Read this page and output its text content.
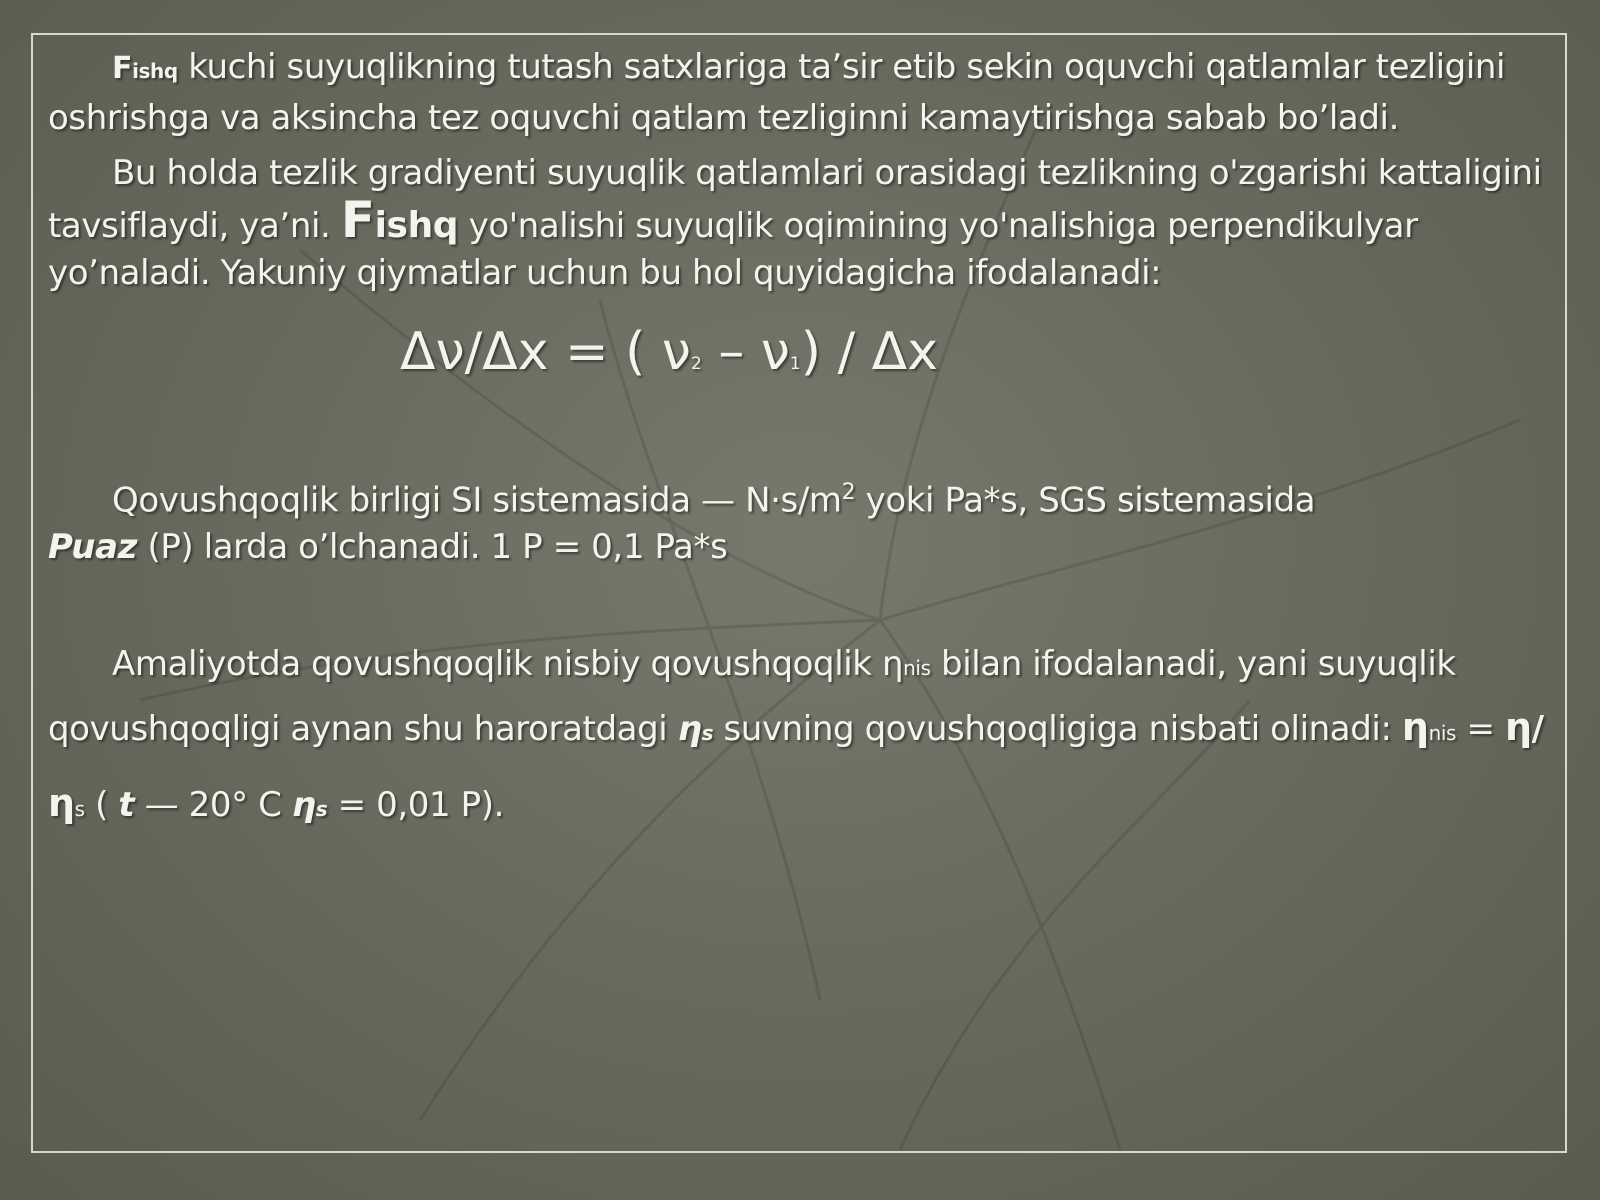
Fishq kuchi suyuqlikning tutash satxlariga ta’sir etib sekin oquvchi qatlamlar tezligini oshrishga va aksincha tez oquvchi qatlam tezliginni kamaytirishga sabab bo’ladi.

Bu holda tezlik gradiyenti suyuqlik qatlamlari orasidagi tezlikning o'zgarishi kattaligini tavsiflaydi, ya’ni. Fishq yo'nalishi suyuqlik oqimining yo'nalishiga perpendikulyar yo’naladi. Yakuniy qiymatlar uchun bu hol quyidagicha ifodalanadi:

Δν/Δx = ( ν2 – ν1) / Δx

Qovushqoqlik birligi SI sistemasida — $N\cdot s/m^2$ yoki Pa*s, SGS sistemasida
Puaz (P) larda o’lchanadi. 1 P = 0,1 Pa*s

Amaliyotda qovushqoqlik nisbiy qovushqoqlik ηnis bilan ifodalanadi, yani suyuqlik qovushqoqligi aynan shu haroratdagi ηs suvning qovushqoqligiga nisbati olinadi: ηnis = η/ηs ( t — 20° C ηs = 0,01 P).
